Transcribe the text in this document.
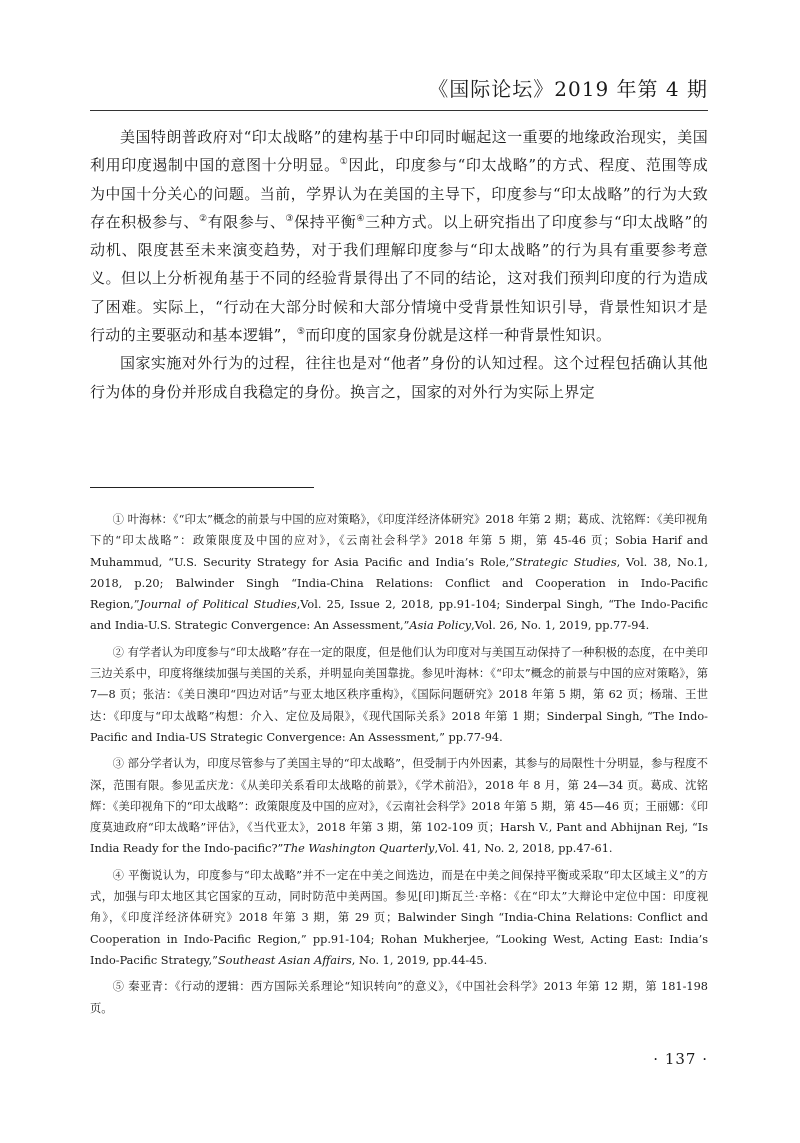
《国际论坛》2019 年第 4 期

美国特朗普政府对“印太战略”的建构基于中印同时崛起这一重要的地缘政治现实，美国利用印度遏制中国的意图十分明显。①因此，印度参与“印太战略”的方式、程度、范围等成为中国十分关心的问题。当前，学界认为在美国的主导下，印度参与“印太战略”的行为大致存在积极参与、②有限参与、③保持平衡④三种方式。以上研究指出了印度参与“印太战略”的动机、限度甚至未来演变趋势，对于我们理解印度参与“印太战略”的行为具有重要参考意义。但以上分析视角基于不同的经验背景得出了不同的结论，这对我们预判印度的行为造成了困难。实际上，“行动在大部分时候和大部分情境中受背景性知识引导，背景性知识才是行动的主要驱动和基本逻辑”，⑤而印度的国家身份就是这样一种背景性知识。

国家实施对外行为的过程，往往也是对“他者”身份的认知过程。这个过程包括确认其他行为体的身份并形成自我稳定的身份。换言之，国家的对外行为实际上界定

① 叶海林：《“印太”概念的前景与中国的应对策略》，《印度洋经济体研究》2018 年第 2 期；葛成、沈铭辉：《美印视角下的“印太战略”：政策限度及中国的应对》，《云南社会科学》2018 年第 5 期，第 45-46 页；Sobia Harif and Muhammud, “U.S. Security Strategy for Asia Pacific and India’s Role,”Strategic Studies, Vol. 38, No.1, 2018, p.20; Balwinder Singh “India-China Relations: Conflict and Cooperation in Indo-Pacific Region,”Journal of Political Studies,Vol. 25, Issue 2, 2018, pp.91-104; Sinderpal Singh, “The Indo-Pacific and India-U.S. Strategic Convergence: An Assessment,”Asia Policy,Vol. 26, No. 1, 2019, pp.77-94.

② 有学者认为印度参与“印太战略”存在一定的限度，但是他们认为印度对与美国互动保持了一种积极的态度，在中美印三边关系中，印度将继续加强与美国的关系，并明显向美国靠拢。参见叶海林：《“印太”概念的前景与中国的应对策略》，第 7—8 页；张洁：《美日澳印“四边对话”与亚太地区秩序重构》，《国际问题研究》2018 年第 5 期，第 62 页；杨瑞、王世达：《印度与“印太战略”构想：介入、定位及局限》，《现代国际关系》2018 年第 1 期；Sinderpal Singh, “The Indo-Pacific and India-US Strategic Convergence: An Assessment,” pp.77-94.

③ 部分学者认为，印度尽管参与了美国主导的“印太战略”，但受制于内外因素，其参与的局限性十分明显，参与程度不深，范围有限。参见孟庆龙：《从美印关系看印太战略的前景》，《学术前沿》，2018 年 8 月，第 24—34 页。葛成、沈铭辉：《美印视角下的“印太战略”：政策限度及中国的应对》，《云南社会科学》2018 年第 5 期，第 45—46 页；王丽娜：《印度莫迪政府“印太战略”评估》，《当代亚太》，2018 年第 3 期，第 102-109 页；Harsh V., Pant and Abhijnan Rej, “Is India Ready for the Indo-pacific?”The Washington Quarterly,Vol. 41, No. 2, 2018, pp.47-61.

④ 平衡说认为，印度参与“印太战略”并不一定在中美之间选边，而是在中美之间保持平衡或采取“印太区域主义”的方式，加强与印太地区其它国家的互动，同时防范中美两国。参见[印]斯瓦兰·辛格：《在“印太”大辩论中定位中国：印度视角》，《印度洋经济体研究》2018 年第 3 期，第 29 页；Balwinder Singh “India-China Relations: Conflict and Cooperation in Indo-Pacific Region,” pp.91-104; Rohan Mukherjee, “Looking West, Acting East: India’s Indo-Pacific Strategy,”Southeast Asian Affairs, No. 1, 2019, pp.44-45.

⑤ 秦亚青：《行动的逻辑：西方国际关系理论“知识转向”的意义》，《中国社会科学》2013 年第 12 期，第 181-198 页。

· 137 ·
